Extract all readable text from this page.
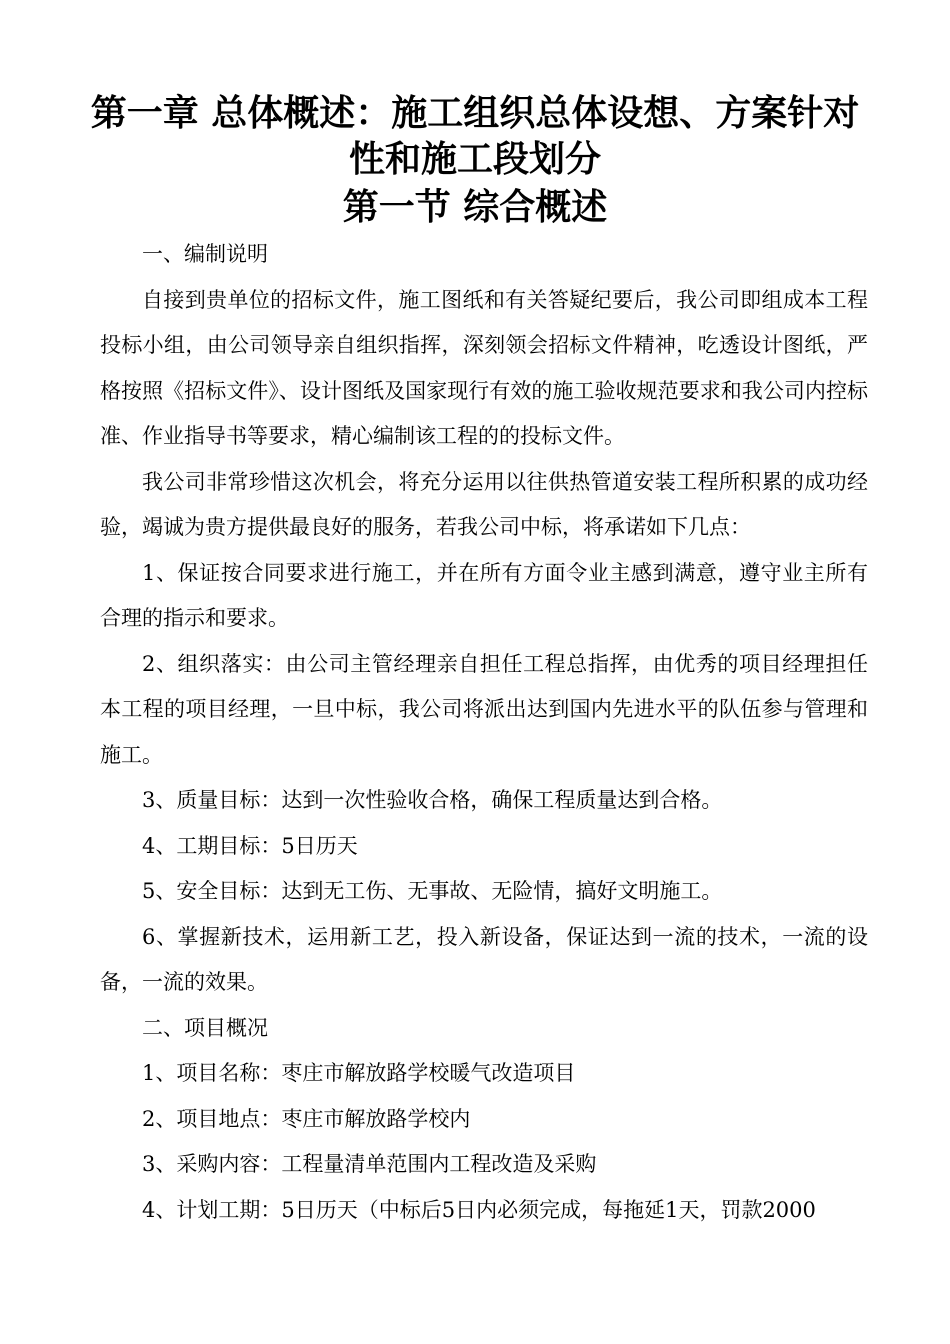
第一章 总体概述：施工组织总体设想、方案针对性和施工段划分
第一节 综合概述

一、编制说明

自接到贵单位的招标文件，施工图纸和有关答疑纪要后，我公司即组成本工程投标小组，由公司领导亲自组织指挥，深刻领会招标文件精神，吃透设计图纸，严格按照《招标文件》、设计图纸及国家现行有效的施工验收规范要求和我公司内控标准、作业指导书等要求，精心编制该工程的的投标文件。

我公司非常珍惜这次机会，将充分运用以往供热管道安装工程所积累的成功经验，竭诚为贵方提供最良好的服务，若我公司中标，将承诺如下几点：

1、保证按合同要求进行施工，并在所有方面令业主感到满意，遵守业主所有合理的指示和要求。

2、组织落实：由公司主管经理亲自担任工程总指挥，由优秀的项目经理担任本工程的项目经理，一旦中标，我公司将派出达到国内先进水平的队伍参与管理和施工。

3、质量目标：达到一次性验收合格，确保工程质量达到合格。

4、工期目标：5日历天

5、安全目标：达到无工伤、无事故、无险情，搞好文明施工。

6、掌握新技术，运用新工艺，投入新设备，保证达到一流的技术，一流的设备，一流的效果。

二、项目概况

1、项目名称：枣庄市解放路学校暖气改造项目

2、项目地点：枣庄市解放路学校内

3、采购内容：工程量清单范围内工程改造及采购

4、计划工期：5日历天（中标后5日内必须完成，每拖延1天，罚款2000
